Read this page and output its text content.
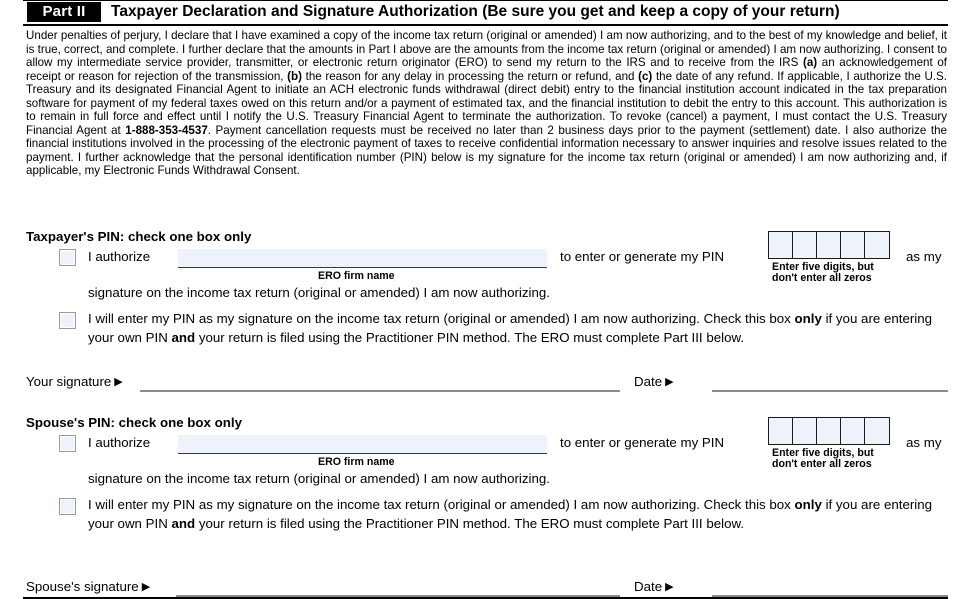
Part II	Taxpayer Declaration and Signature Authorization (Be sure you get and keep a copy of your return)
Under penalties of perjury, I declare that I have examined a copy of the income tax return (original or amended) I am now authorizing, and to the best of my knowledge and belief, it is true, correct, and complete. I further declare that the amounts in Part I above are the amounts from the income tax return (original or amended) I am now authorizing. I consent to allow my intermediate service provider, transmitter, or electronic return originator (ERO) to send my return to the IRS and to receive from the IRS (a) an acknowledgement of receipt or reason for rejection of the transmission, (b) the reason for any delay in processing the return or refund, and (c) the date of any refund. If applicable, I authorize the U.S. Treasury and its designated Financial Agent to initiate an ACH electronic funds withdrawal (direct debit) entry to the financial institution account indicated in the tax preparation software for payment of my federal taxes owed on this return and/or a payment of estimated tax, and the financial institution to debit the entry to this account. This authorization is to remain in full force and effect until I notify the U.S. Treasury Financial Agent to terminate the authorization. To revoke (cancel) a payment, I must contact the U.S. Treasury Financial Agent at 1-888-353-4537. Payment cancellation requests must be received no later than 2 business days prior to the payment (settlement) date. I also authorize the financial institutions involved in the processing of the electronic payment of taxes to receive confidential information necessary to answer inquiries and resolve issues related to the payment. I further acknowledge that the personal identification number (PIN) below is my signature for the income tax return (original or amended) I am now authorizing and, if applicable, my Electronic Funds Withdrawal Consent.
Taxpayer's PIN: check one box only
I authorize
ERO firm name
to enter or generate my PIN
Enter five digits, but
don't enter all zeros
as my
signature on the income tax return (original or amended) I am now authorizing.
I will enter my PIN as my signature on the income tax return (original or amended) I am now authorizing. Check this box only if you are entering your own PIN and your return is filed using the Practitioner PIN method. The ERO must complete Part III below.
Your signature ▶	Date ▶
Spouse's PIN: check one box only
I authorize
ERO firm name
to enter or generate my PIN
Enter five digits, but
don't enter all zeros
as my
signature on the income tax return (original or amended) I am now authorizing.
I will enter my PIN as my signature on the income tax return (original or amended) I am now authorizing. Check this box only if you are entering your own PIN and your return is filed using the Practitioner PIN method. The ERO must complete Part III below.
Spouse's signature ▶	Date ▶
